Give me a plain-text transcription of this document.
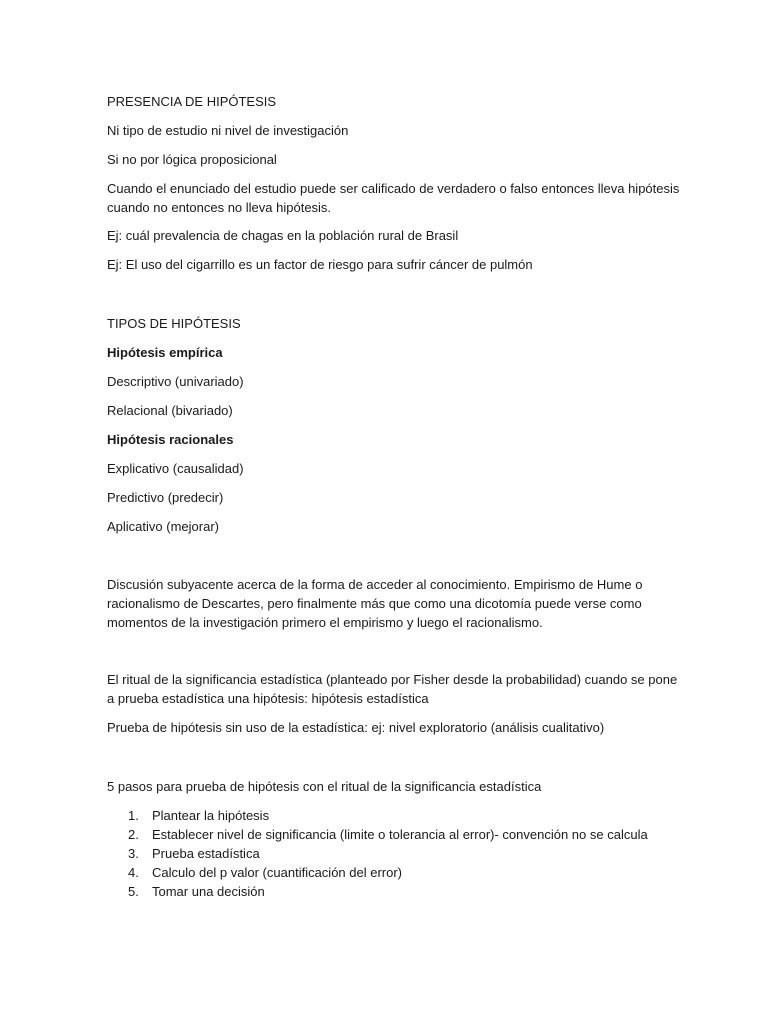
PRESENCIA DE HIPÓTESIS

Ni tipo de estudio ni nivel de investigación

Si no por lógica proposicional

Cuando el enunciado del estudio puede ser calificado de verdadero o falso entonces lleva hipótesis

cuando no entonces no lleva hipótesis.

Ej: cuál prevalencia de chagas en la población rural de Brasil

Ej: El uso del cigarrillo es un factor de riesgo para sufrir cáncer de pulmón

TIPOS DE HIPÓTESIS

Hipótesis empírica

Descriptivo (univariado)

Relacional (bivariado)

Hipótesis racionales

Explicativo (causalidad)

Predictivo (predecir)

Aplicativo (mejorar)

Discusión subyacente acerca de la forma de acceder al conocimiento. Empirismo de Hume o

racionalismo de Descartes, pero finalmente más que como una dicotomía puede verse como

momentos de la investigación primero el empirismo y luego el racionalismo.

El ritual de la significancia estadística (planteado por Fisher desde la probabilidad) cuando se pone

a prueba estadística una hipótesis: hipótesis estadística

Prueba de hipótesis sin uso de la estadística: ej: nivel exploratorio (análisis cualitativo)

5 pasos para prueba de hipótesis con el ritual de la significancia estadística

1. Plantear la hipótesis
2. Establecer nivel de significancia (limite o tolerancia al error)- convención no se calcula
3. Prueba estadística
4. Calculo del p valor (cuantificación del error)
5. Tomar una decisión
